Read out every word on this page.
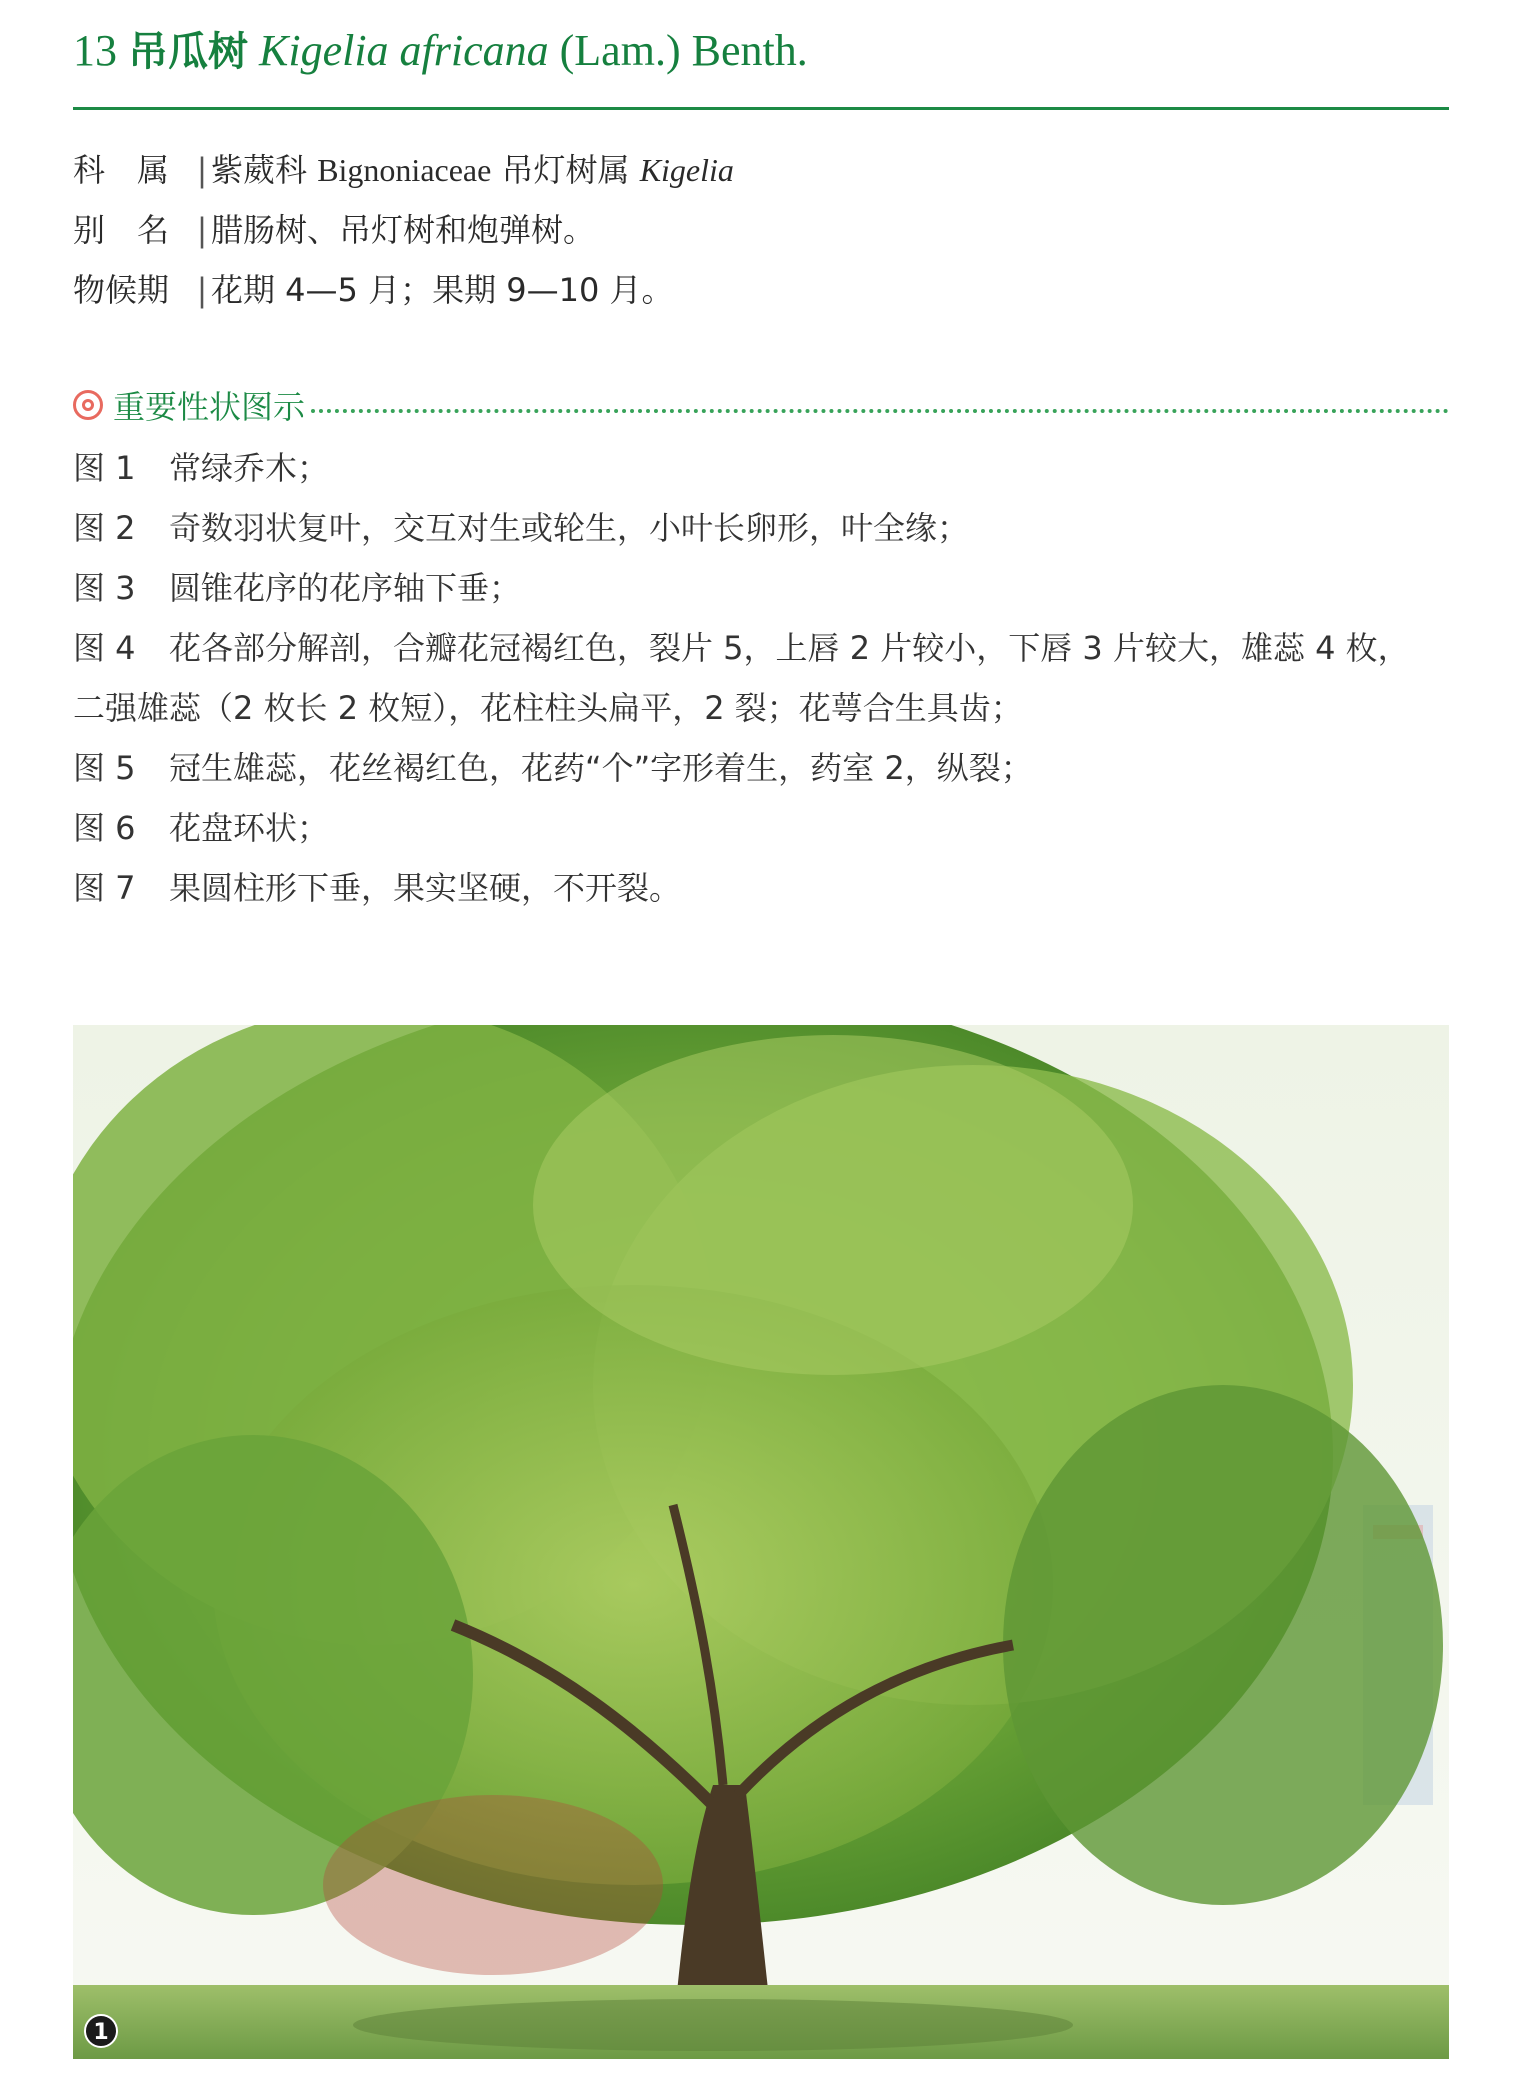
13 吊瓜树 Kigelia africana (Lam.) Benth.
科　属 | 紫葳科 Bignoniaceae 吊灯树属 Kigelia
别　名 | 腊肠树、吊灯树和炮弹树。
物候期 | 花期 4—5 月；果期 9—10 月。
重要性状图示
图 1 常绿乔木；
图 2 奇数羽状复叶，交互对生或轮生，小叶长卵形，叶全缘；
图 3 圆锥花序的花序轴下垂；
图 4 花各部分解剖，合瓣花冠褐红色，裂片 5，上唇 2 片较小，下唇 3 片较大，雄蕊 4 枚，
二强雄蕊（2 枚长 2 枚短），花柱柱头扁平，2 裂；花萼合生具齿；
图 5 冠生雄蕊，花丝褐红色，花药“个”字形着生，药室 2，纵裂；
图 6 花盘环状；
图 7 果圆柱形下垂，果实坚硬，不开裂。
1
